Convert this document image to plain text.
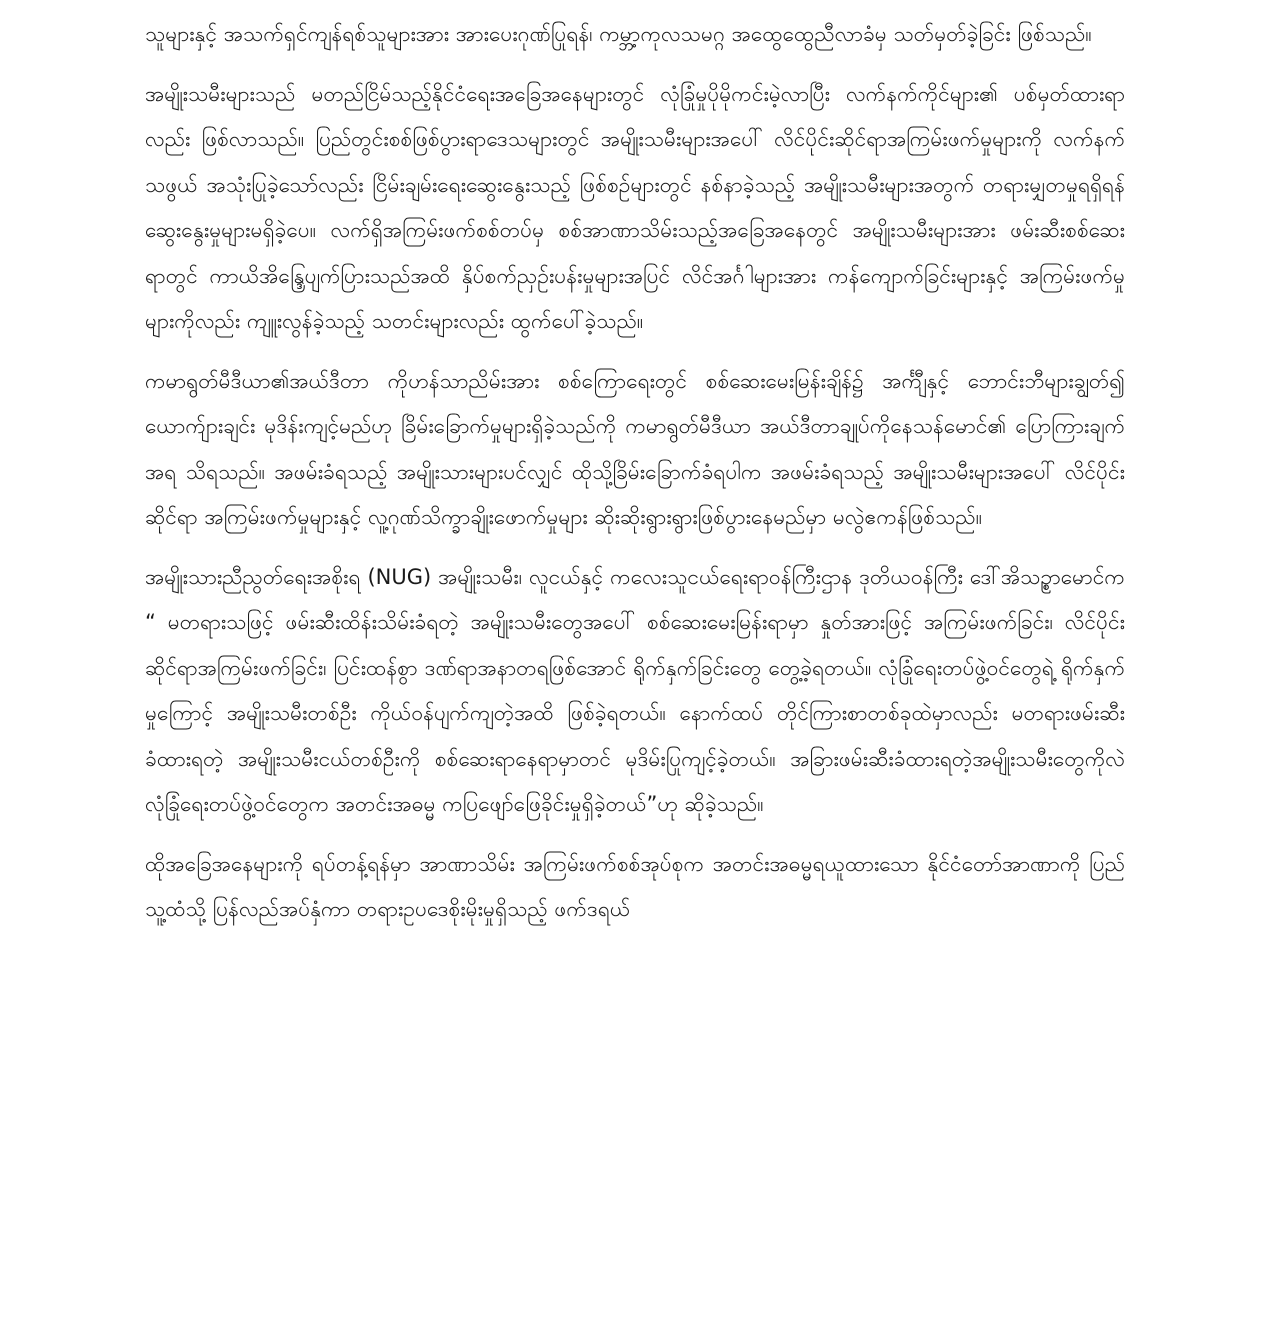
သူများနှင့် အသက်ရှင်ကျန်ရစ်သူများအား အားပေးဂုဏ်ပြုရန်၊ ကမ္ဘာ့ကုလသမဂ္ဂ အထွေထွေညီလာခံမှ သတ်မှတ်ခဲ့ခြင်း ဖြစ်သည်။

အမျိုးသမီးများသည် မတည်ငြိမ်သည့်နိုင်ငံရေးအခြေအနေများတွင် လုံခြုံမှုပိုမိုကင်းမဲ့လာပြီး လက်နက်ကိုင်များ၏ ပစ်မှတ်ထားရာလည်း ဖြစ်လာသည်။ ပြည်တွင်းစစ်ဖြစ်ပွားရာဒေသများတွင် အမျိုးသမီးများအပေါ် လိင်ပိုင်းဆိုင်ရာအကြမ်းဖက်မှုများကို လက်နက်သဖွယ် အသုံးပြုခဲ့သော်လည်း ငြိမ်းချမ်းရေးဆွေးနွေးသည့် ဖြစ်စဉ်များတွင် နစ်နာခဲ့သည့် အမျိုးသမီးများအတွက် တရားမျှတမှုရရှိရန် ဆွေးနွေးမှုများမရှိခဲ့ပေ။ လက်ရှိအကြမ်းဖက်စစ်တပ်မှ စစ်အာဏာသိမ်းသည့်အခြေအနေတွင် အမျိုးသမီးများအား ဖမ်းဆီးစစ်ဆေးရာတွင် ကာယိအိန္ဒြေပျက်ပြားသည်အထိ နှိပ်စက်ညှဉ်းပန်းမှုများအပြင် လိင်အင်္ဂါများအား ကန်ကျောက်ခြင်းများနှင့် အကြမ်းဖက်မှုများကိုလည်း ကျူးလွန်ခဲ့သည့် သတင်းများလည်း ထွက်ပေါ်ခဲ့သည်။

ကမာရွတ်မီဒီယာ၏အယ်ဒီတာ ကိုဟန်သာညိမ်းအား စစ်ကြောရေးတွင် စစ်ဆေးမေးမြန်းချိန်၌ အင်္ကျီနှင့် ဘောင်းဘီများချွတ်၍ ယောက်ျားချင်း မုဒိန်းကျင့်မည်ဟု ခြိမ်းခြောက်မှုများရှိခဲ့သည်ကို ကမာရွတ်မီဒီယာ အယ်ဒီတာချုပ်ကိုနေသန်မောင်၏ ပြောကြားချက်အရ သိရသည်။ အဖမ်းခံရသည့် အမျိုးသားများပင်လျှင် ထိုသို့ခြိမ်းခြောက်ခံရပါက အဖမ်းခံရသည့် အမျိုးသမီးများအပေါ် လိင်ပိုင်းဆိုင်ရာ အကြမ်းဖက်မှုများနှင့် လူ့ဂုဏ်သိက္ခာချိုးဖောက်မှုများ ဆိုးဆိုးရွားရွားဖြစ်ပွားနေမည်မှာ မလွဲဧကန်ဖြစ်သည်။

အမျိုးသားညီညွတ်ရေးအစိုးရ (NUG) အမျိုးသမီး၊ လူငယ်နှင့် ကလေးသူငယ်ရေးရာဝန်ကြီးဌာန ဒုတိယဝန်ကြီး ဒေါ်အိသဉ္စာမောင်က “ မတရားသဖြင့် ဖမ်းဆီးထိန်းသိမ်းခံရတဲ့ အမျိုးသမီးတွေအပေါ် စစ်ဆေးမေးမြန်းရာမှာ နှုတ်အားဖြင့် အကြမ်းဖက်ခြင်း၊ လိင်ပိုင်းဆိုင်ရာအကြမ်းဖက်ခြင်း၊ ပြင်းထန်စွာ ဒဏ်ရာအနာတရဖြစ်အောင် ရိုက်နှက်ခြင်းတွေ တွေ့ခဲ့ရတယ်။ လုံခြုံရေးတပ်ဖွဲ့ဝင်တွေရဲ့ ရိုက်နှက်မှုကြောင့် အမျိုးသမီးတစ်ဦး ကိုယ်ဝန်ပျက်ကျတဲ့အထိ ဖြစ်ခဲ့ရတယ်။ နောက်ထပ် တိုင်ကြားစာတစ်ခုထဲမှာလည်း မတရားဖမ်းဆီးခံထားရတဲ့ အမျိုးသမီးငယ်တစ်ဦးကို စစ်ဆေးရာနေရာမှာတင် မုဒိမ်းပြုကျင့်ခဲ့တယ်။ အခြားဖမ်းဆီးခံထားရတဲ့အမျိုးသမီးတွေကိုလဲ လုံခြုံရေးတပ်ဖွဲ့ဝင်တွေက အတင်းအဓမ္မ ကပြဖျော်ဖြေခိုင်းမှုရှိခဲ့တယ်”ဟု ဆိုခဲ့သည်။

ထိုအခြေအနေများကို ရပ်တန့်ရန်မှာ အာဏာသိမ်း အကြမ်းဖက်စစ်အုပ်စုက အတင်းအဓမ္မရယူထားသော နိုင်ငံတော်အာဏာကို ပြည်သူ့ထံသို့ ပြန်လည်အပ်နှံကာ တရားဥပဒေစိုးမိုးမှုရှိသည့် ဖက်ဒရယ်
